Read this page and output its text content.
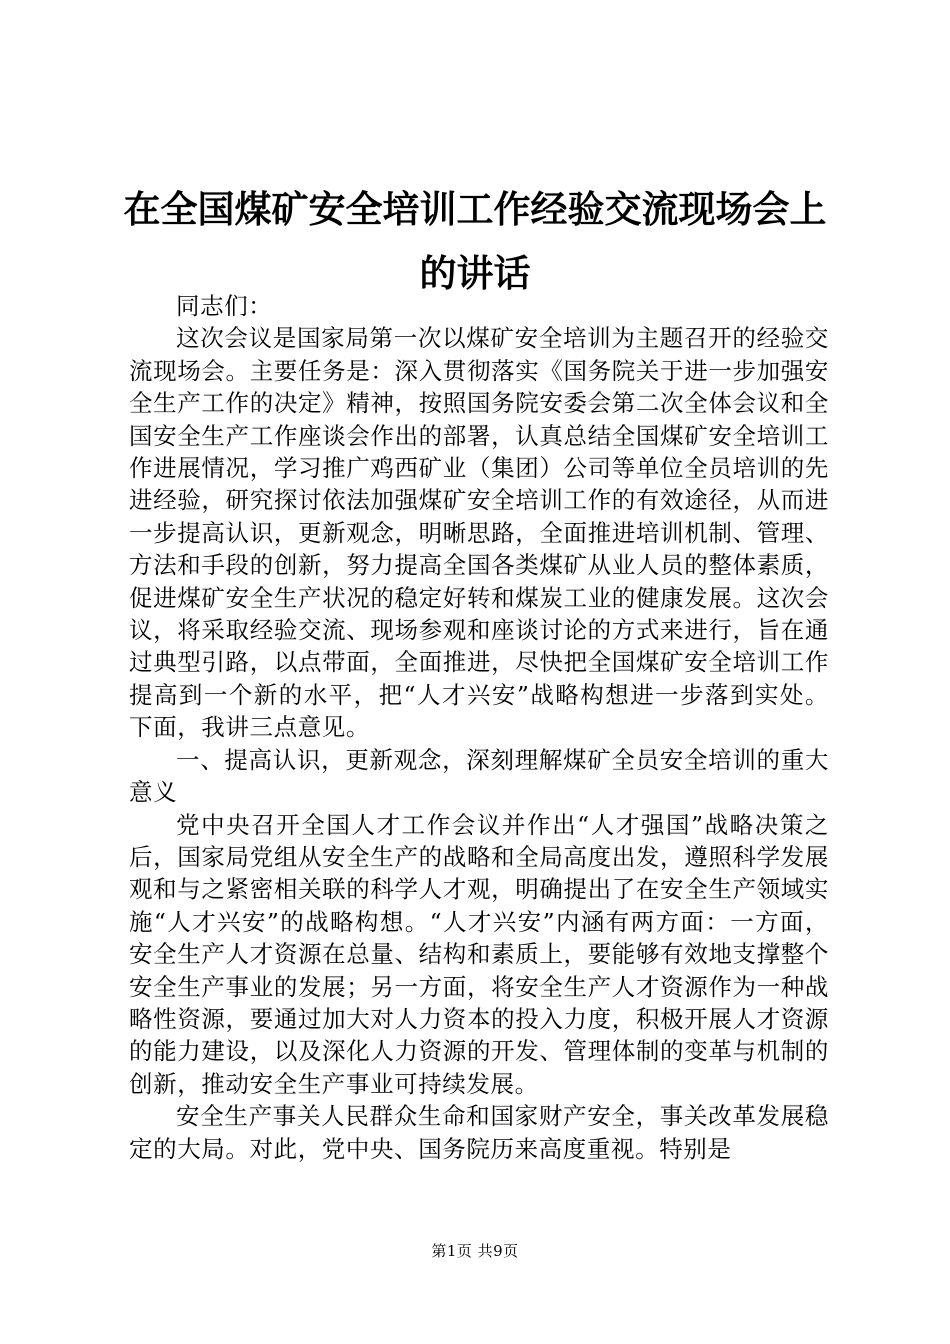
在全国煤矿安全培训工作经验交流现场会上的讲话

同志们：

这次会议是国家局第一次以煤矿安全培训为主题召开的经验交流现场会。主要任务是：深入贯彻落实《国务院关于进一步加强安全生产工作的决定》精神，按照国务院安委会第二次全体会议和全国安全生产工作座谈会作出的部署，认真总结全国煤矿安全培训工作进展情况，学习推广鸡西矿业（集团）公司等单位全员培训的先进经验，研究探讨依法加强煤矿安全培训工作的有效途径，从而进一步提高认识，更新观念，明晰思路，全面推进培训机制、管理、方法和手段的创新，努力提高全国各类煤矿从业人员的整体素质，促进煤矿安全生产状况的稳定好转和煤炭工业的健康发展。这次会议，将采取经验交流、现场参观和座谈讨论的方式来进行，旨在通过典型引路，以点带面，全面推进，尽快把全国煤矿安全培训工作提高到一个新的水平，把“人才兴安”战略构想进一步落到实处。下面，我讲三点意见。

一、提高认识，更新观念，深刻理解煤矿全员安全培训的重大意义

党中央召开全国人才工作会议并作出“人才强国”战略决策之后，国家局党组从安全生产的战略和全局高度出发，遵照科学发展观和与之紧密相关联的科学人才观，明确提出了在安全生产领域实施“人才兴安”的战略构想。“人才兴安”内涵有两方面：一方面，安全生产人才资源在总量、结构和素质上，要能够有效地支撑整个安全生产事业的发展；另一方面，将安全生产人才资源作为一种战略性资源，要通过加大对人力资本的投入力度，积极开展人才资源的能力建设，以及深化人力资源的开发、管理体制的变革与机制的创新，推动安全生产事业可持续发展。

安全生产事关人民群众生命和国家财产安全，事关改革发展稳定的大局。对此，党中央、国务院历来高度重视。特别是

第1页 共9页
